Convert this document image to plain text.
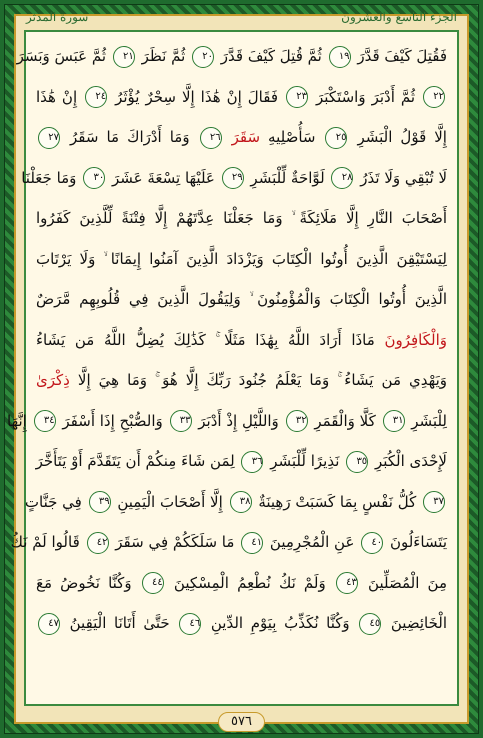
الجزء التاسع والعشرون
سورة المدثر
فَقُتِلَ كَيْفَ قَدَّرَ ١٩ ثُمَّ قُتِلَ كَيْفَ قَدَّرَ ٢٠ ثُمَّ نَظَرَ ٢١ ثُمَّ عَبَسَ وَبَسَرَ
٢٢ ثُمَّ أَدْبَرَ وَاسْتَكْبَرَ ٢٣ فَقَالَ إِنْ هَٰذَا إِلَّا سِحْرٌ يُؤْثَرُ ٢٤ إِنْ هَٰذَا
إِلَّا قَوْلُ الْبَشَرِ ٢٥ سَأُصْلِيهِ سَقَرَ ٢٦ وَمَا أَدْرَاكَ مَا سَقَرُ ٢٧
لَا تُبْقِي وَلَا تَذَرُ ٢٨ لَوَّاحَةٌ لِّلْبَشَرِ ٢٩ عَلَيْهَا تِسْعَةَ عَشَرَ ٣٠ وَمَا جَعَلْنَا
أَصْحَابَ النَّارِ إِلَّا مَلَائِكَةً ۙ وَمَا جَعَلْنَا عِدَّتَهُمْ إِلَّا فِتْنَةً لِّلَّذِينَ كَفَرُوا
لِيَسْتَيْقِنَ الَّذِينَ أُوتُوا الْكِتَابَ وَيَزْدَادَ الَّذِينَ آمَنُوا إِيمَانًا ۙ وَلَا يَرْتَابَ
الَّذِينَ أُوتُوا الْكِتَابَ وَالْمُؤْمِنُونَ ۙ وَلِيَقُولَ الَّذِينَ فِي قُلُوبِهِم مَّرَضٌ
وَالْكَافِرُونَ مَاذَا أَرَادَ اللَّهُ بِهَٰذَا مَثَلًا ۚ كَذَٰلِكَ يُضِلُّ اللَّهُ مَن يَشَاءُ
وَيَهْدِي مَن يَشَاءُ ۚ وَمَا يَعْلَمُ جُنُودَ رَبِّكَ إِلَّا هُوَ ۚ وَمَا هِيَ إِلَّا ذِكْرَىٰ
لِلْبَشَرِ ٣١ كَلَّا وَالْقَمَرِ ٣٢ وَاللَّيْلِ إِذْ أَدْبَرَ ٣٣ وَالصُّبْحِ إِذَا أَسْفَرَ ٣٤ إِنَّهَا
لَإِحْدَى الْكُبَرِ ٣٥ نَذِيرًا لِّلْبَشَرِ ٣٦ لِمَن شَاءَ مِنكُمْ أَن يَتَقَدَّمَ أَوْ يَتَأَخَّرَ
٣٧ كُلُّ نَفْسٍ بِمَا كَسَبَتْ رَهِينَةٌ ٣٨ إِلَّا أَصْحَابَ الْيَمِينِ ٣٩ فِي جَنَّاتٍ
يَتَسَاءَلُونَ ٤٠ عَنِ الْمُجْرِمِينَ ٤١ مَا سَلَكَكُمْ فِي سَقَرَ ٤٢ قَالُوا لَمْ نَكُ
مِنَ الْمُصَلِّينَ ٤٣ وَلَمْ نَكُ نُطْعِمُ الْمِسْكِينَ ٤٤ وَكُنَّا نَخُوضُ مَعَ
الْخَائِضِينَ ٤٥ وَكُنَّا نُكَذِّبُ بِيَوْمِ الدِّينِ ٤٦ حَتَّىٰ أَتَانَا الْيَقِينُ ٤٧
٥٧٦
